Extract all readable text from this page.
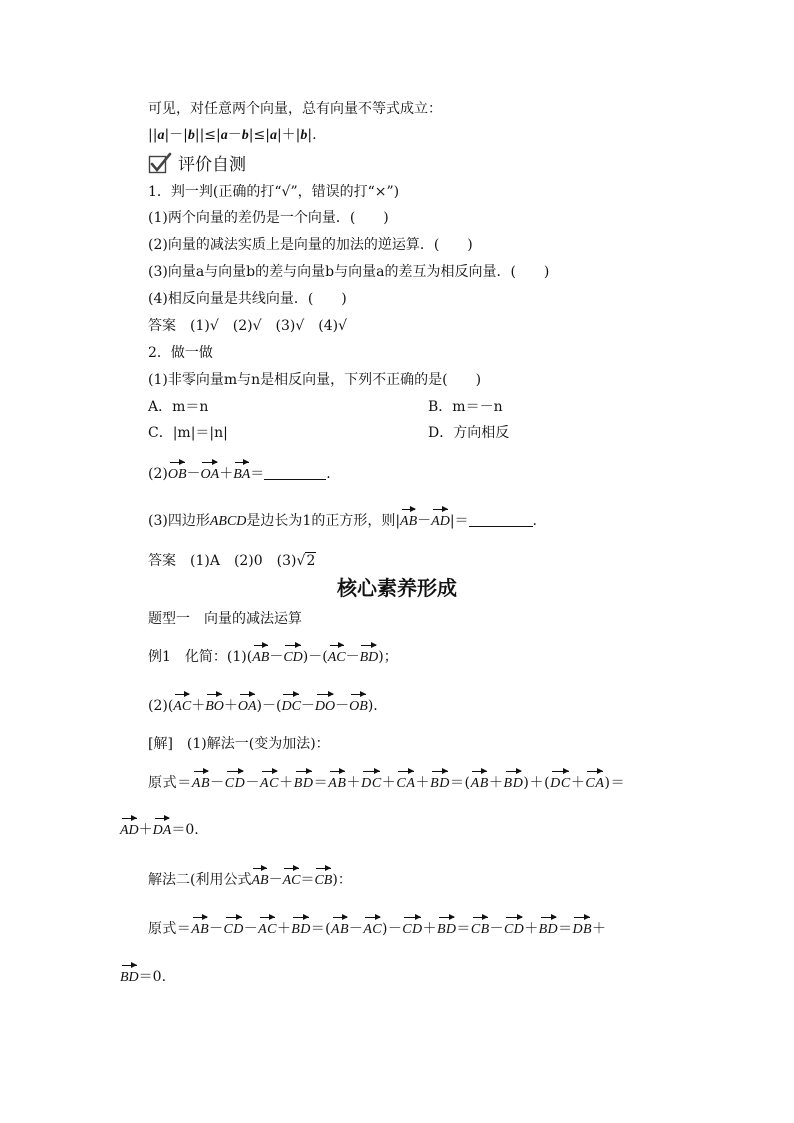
可见，对任意两个向量，总有向量不等式成立：
||a|－|b||≤|a－b|≤|a|＋|b|.
评价自测
1．判一判(正确的打“√”，错误的打“×”)
(1)两个向量的差仍是一个向量．(　　)
(2)向量的减法实质上是向量的加法的逆运算．(　　)
(3)向量a与向量b的差与向量b与向量a的差互为相反向量．(　　)
(4)相反向量是共线向量．(　　)
答案　(1)√　(2)√　(3)√　(4)√
2．做一做
(1)非零向量m与n是相反向量，下列不正确的是(　　)
A．m＝n	B．m＝－n
C．|m|＝|n|	D．方向相反
(2)OB－OA＋BA＝	.
(3)四边形ABCD是边长为1的正方形，则|AB－AD|＝	.
答案　(1)A　(2)0　(3)√2
核心素养形成
题型一　向量的减法运算
例1　化简：(1)(AB－CD)－(AC－BD)；
(2)(AC＋BO＋OA)－(DC－DO－OB).
[解]　(1)解法一(变为加法)：
原式＝AB－CD－AC＋BD＝AB＋DC＋CA＋BD＝(AB＋BD)＋(DC＋CA)＝
AD＋DA＝0.
解法二(利用公式AB－AC＝CB)：
原式＝AB－CD－AC＋BD＝(AB－AC)－CD＋BD＝CB－CD＋BD＝DB＋
BD＝0.
